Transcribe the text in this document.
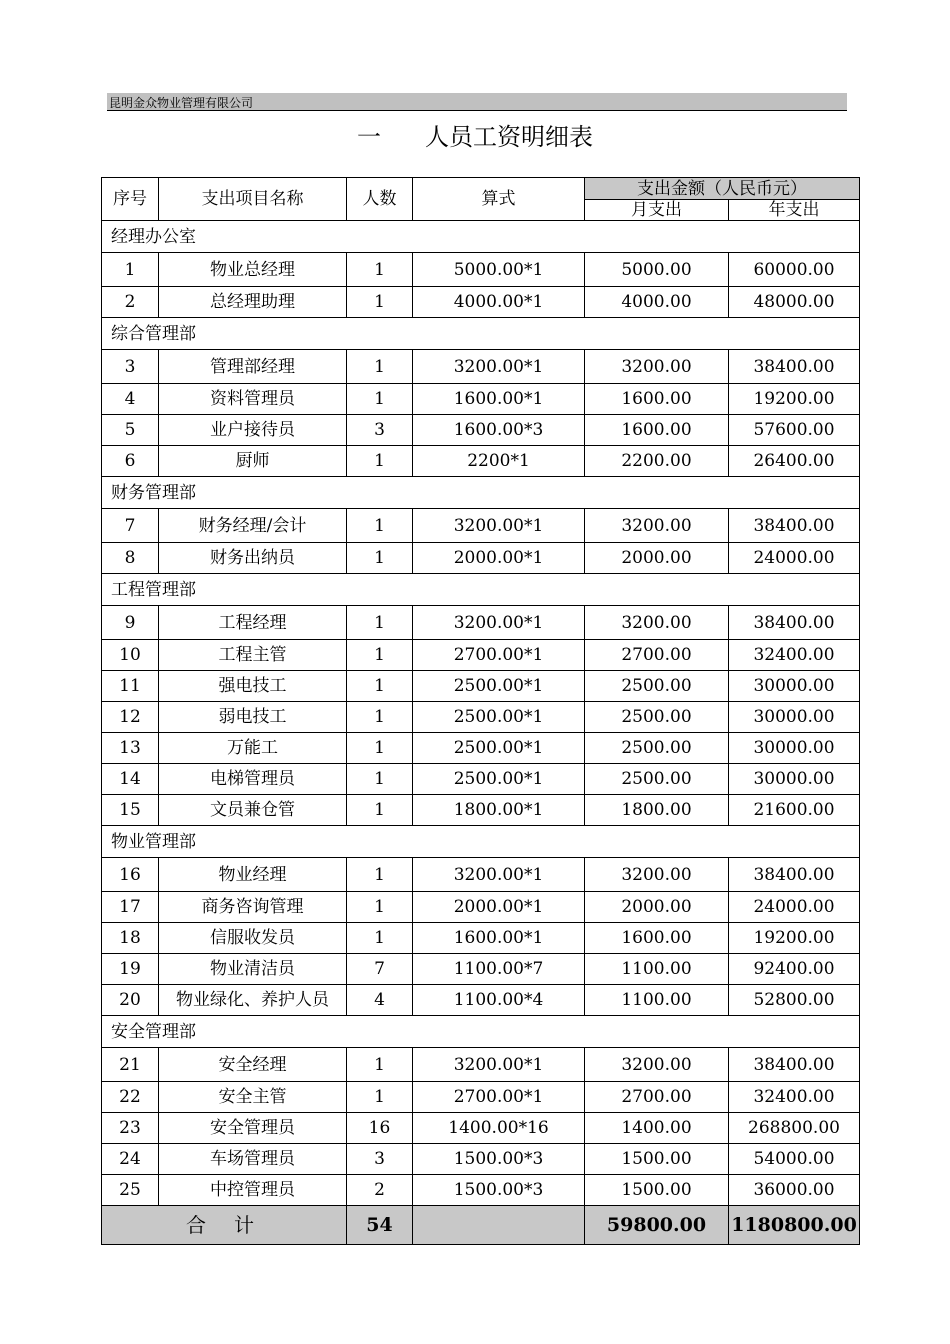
昆明金众物业管理有限公司
一 人员工资明细表
序号	支出项目名称	人数	算式	支出金额（人民币元）	
				月支出	年支出
经理办公室					
1	物业总经理	1	5000.00*1	5000.00	60000.00
2	总经理助理	1	4000.00*1	4000.00	48000.00
综合管理部					
3	管理部经理	1	3200.00*1	3200.00	38400.00
4	资料管理员	1	1600.00*1	1600.00	19200.00
5	业户接待员	3	1600.00*3	1600.00	57600.00
6	厨师	1	2200*1	2200.00	26400.00
财务管理部					
7	财务经理/会计	1	3200.00*1	3200.00	38400.00
8	财务出纳员	1	2000.00*1	2000.00	24000.00
工程管理部					
9	工程经理	1	3200.00*1	3200.00	38400.00
10	工程主管	1	2700.00*1	2700.00	32400.00
11	强电技工	1	2500.00*1	2500.00	30000.00
12	弱电技工	1	2500.00*1	2500.00	30000.00
13	万能工	1	2500.00*1	2500.00	30000.00
14	电梯管理员	1	2500.00*1	2500.00	30000.00
15	文员兼仓管	1	1800.00*1	1800.00	21600.00
物业管理部					
16	物业经理	1	3200.00*1	3200.00	38400.00
17	商务咨询管理	1	2000.00*1	2000.00	24000.00
18	信服收发员	1	1600.00*1	1600.00	19200.00
19	物业清洁员	7	1100.00*7	1100.00	92400.00
20	物业绿化、养护人员	4	1100.00*4	1100.00	52800.00
安全管理部					
21	安全经理	1	3200.00*1	3200.00	38400.00
22	安全主管	1	2700.00*1	2700.00	32400.00
23	安全管理员	16	1400.00*16	1400.00	268800.00
24	车场管理员	3	1500.00*3	1500.00	54000.00
25	中控管理员	2	1500.00*3	1500.00	36000.00
合计		54		59800.00	1180800.00
